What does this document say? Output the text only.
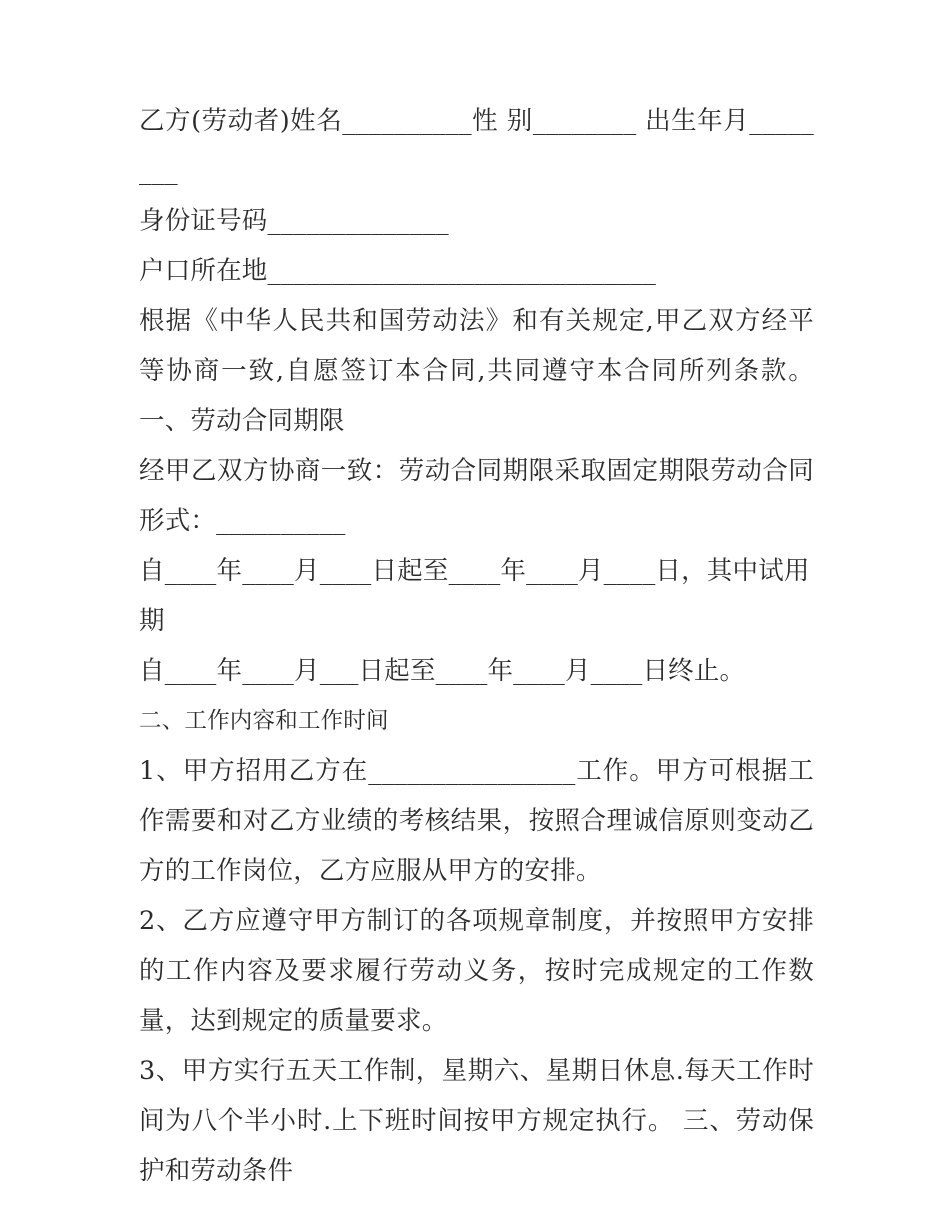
乙方(劳动者)姓名__________性 别________ 出生年月________

身份证号码______________

户口所在地______________________________

根据《中华人民共和国劳动法》和有关规定,甲乙双方经平等协商一致,自愿签订本合同,共同遵守本合同所列条款。 一、劳动合同期限

经甲乙双方协商一致：劳动合同期限采取固定期限劳动合同形式：__________

自____年____月____日起至____年____月____日，其中试用期

自____年____月___日起至____年____月____日终止。

二、工作内容和工作时间

1、甲方招用乙方在________________工作。甲方可根据工作需要和对乙方业绩的考核结果，按照合理诚信原则变动乙方的工作岗位，乙方应服从甲方的安排。

2、乙方应遵守甲方制订的各项规章制度，并按照甲方安排的工作内容及要求履行劳动义务，按时完成规定的工作数量，达到规定的质量要求。

3、甲方实行五天工作制，星期六、星期日休息.每天工作时间为八个半小时.上下班时间按甲方规定执行。 三、劳动保护和劳动条件
